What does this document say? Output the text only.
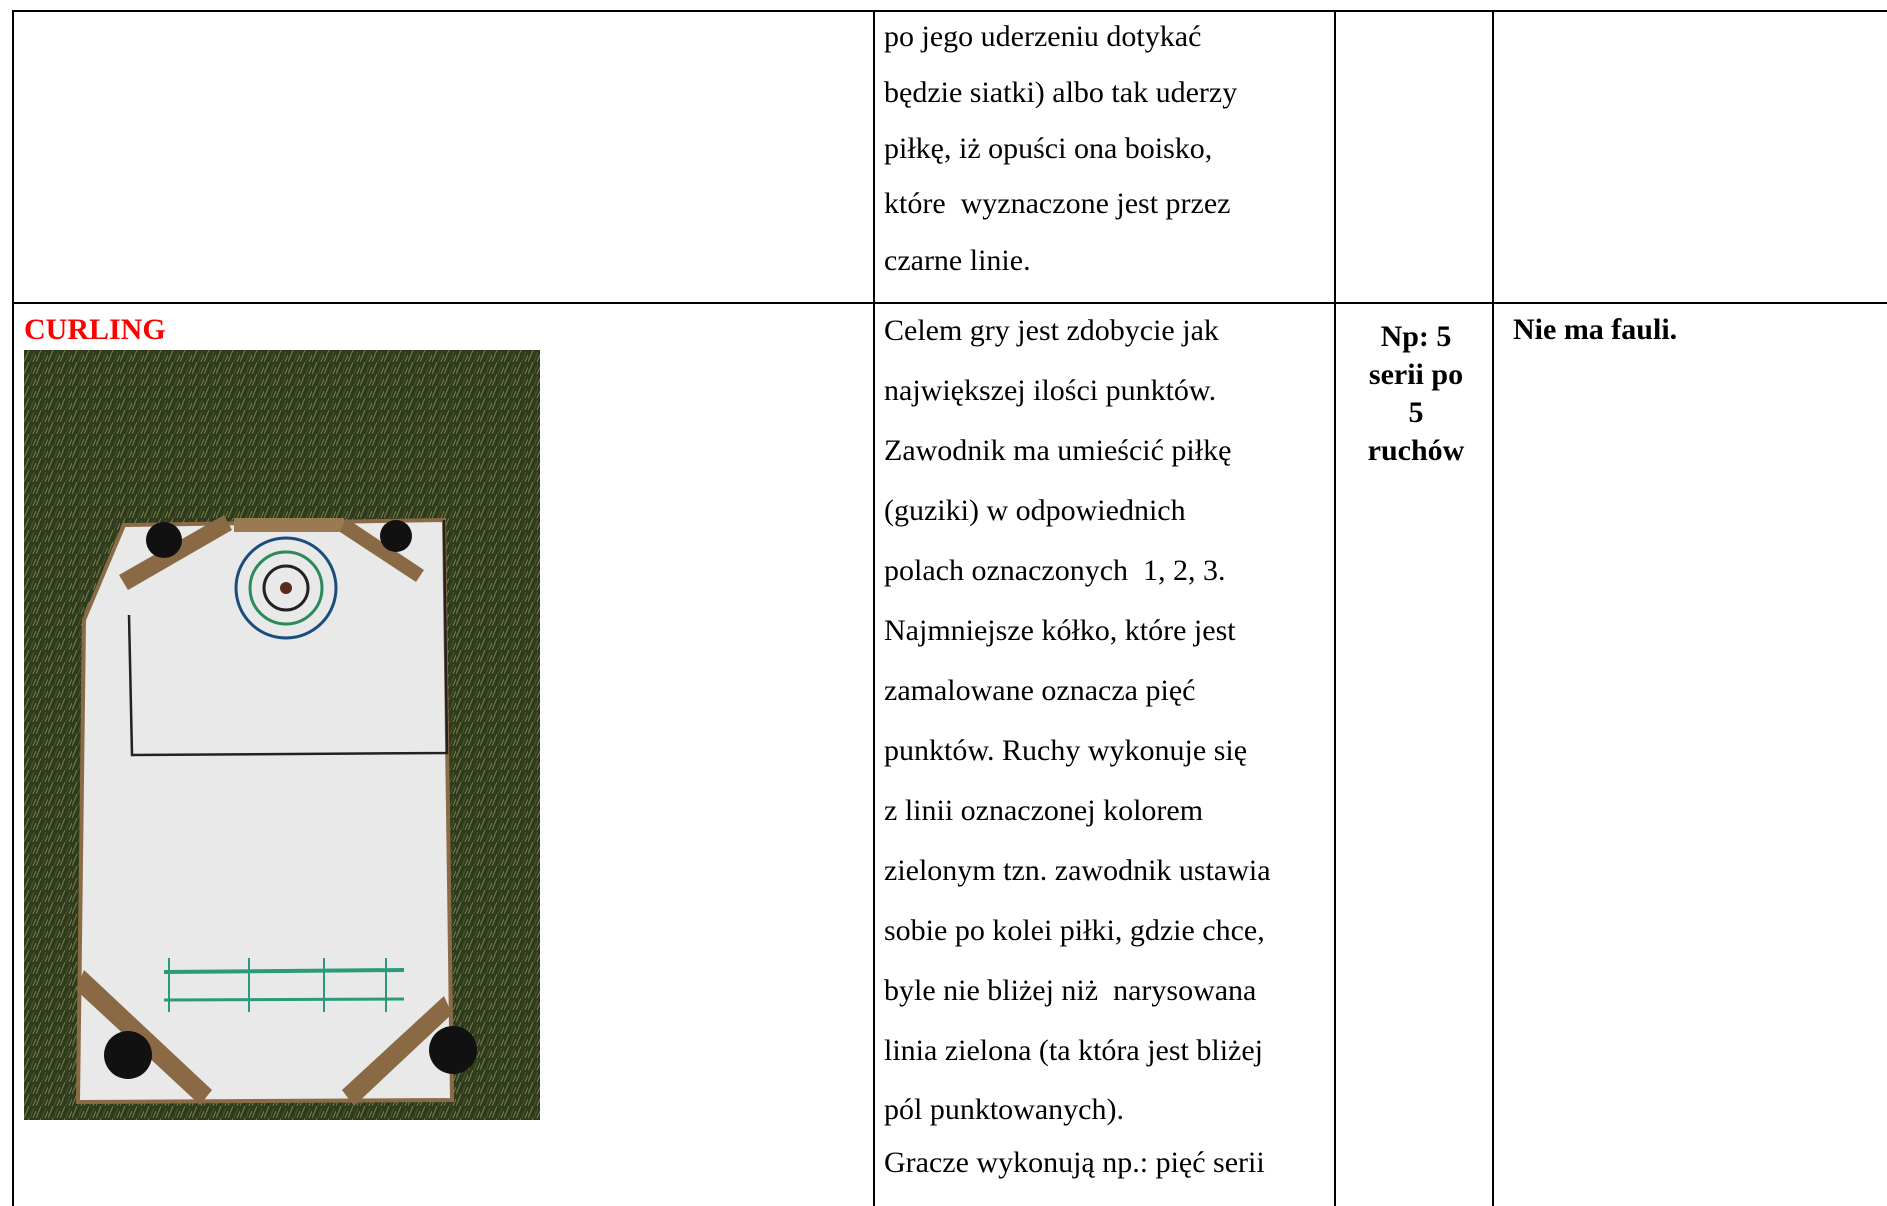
po jego uderzeniu dotykać
będzie siatki) albo tak uderzy
piłkę, iż opuści ona boisko,
które  wyznaczone jest przez
czarne linie.
CURLING	Celem gry jest zdobycie jak
największej ilości punktów.
Zawodnik ma umieścić piłkę
(guziki) w odpowiednich
polach oznaczonych  1, 2, 3.
Najmniejsze kółko, które jest
zamalowane oznacza pięć
punktów. Ruchy wykonuje się
z linii oznaczonej kolorem
zielonym tzn. zawodnik ustawia
sobie po kolei piłki, gdzie chce,
byle nie bliżej niż  narysowana
linia zielona (ta która jest bliżej
pól punktowanych).
Gracze wykonują np.: pięć serii
Np: 5
serii po
5
ruchów
Nie ma fauli.
